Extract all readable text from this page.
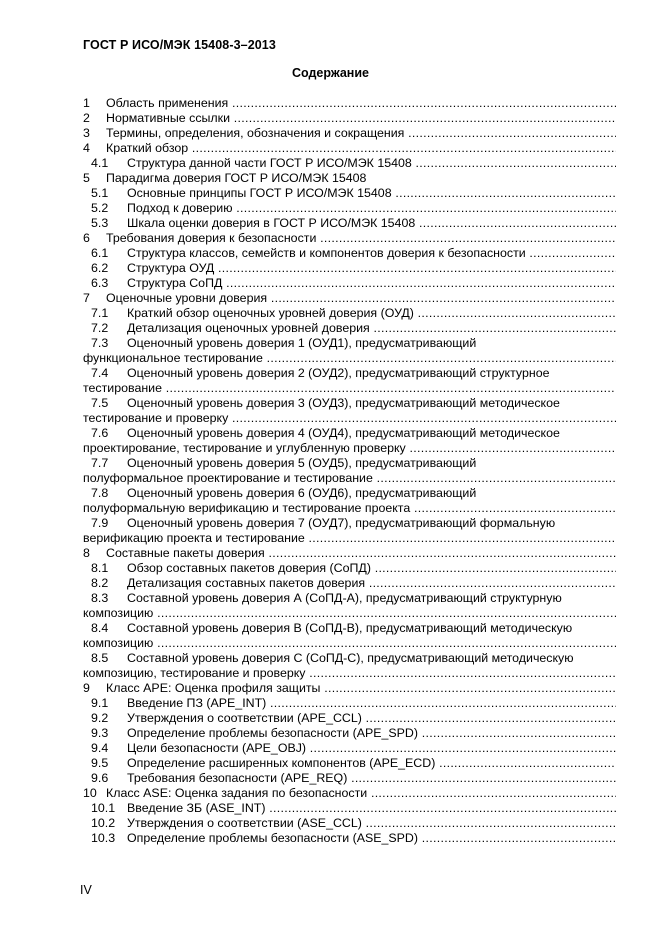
ГОСТ Р ИСО/МЭК 15408-3–2013
Содержание
1 Область применения .....
2 Нормативные ссылки .....
3 Термины, определения, обозначения и сокращения .....
4 Краткий обзор .....
4.1 Структура данной части ГОСТ Р ИСО/МЭК 15408 .....
5 Парадигма доверия ГОСТ Р ИСО/МЭК 15408
5.1 Основные принципы ГОСТ Р ИСО/МЭК 15408 .....
5.2 Подход к доверию .....
5.3 Шкала оценки доверия в ГОСТ Р ИСО/МЭК 15408 .....
6 Требования доверия к безопасности .....
6.1 Структура классов, семейств и компонентов доверия к безопасности .....
6.2 Структура ОУД .....
6.3 Структура СоПД .....
7 Оценочные уровни доверия .....
7.1 Краткий обзор оценочных уровней доверия (ОУД) .....
7.2 Детализация оценочных уровней доверия .....
7.3 Оценочный уровень доверия 1 (ОУД1), предусматривающий
функциональное тестирование .....
7.4 Оценочный уровень доверия 2 (ОУД2), предусматривающий структурное
тестирование .....
7.5 Оценочный уровень доверия 3 (ОУД3), предусматривающий методическое
тестирование и проверку .....
7.6 Оценочный уровень доверия 4 (ОУД4), предусматривающий методическое
проектирование, тестирование и углубленную проверку .....
7.7 Оценочный уровень доверия 5 (ОУД5), предусматривающий
полуформальное проектирование и тестирование .....
7.8 Оценочный уровень доверия 6 (ОУД6), предусматривающий
полуформальную верификацию и тестирование проекта .....
7.9 Оценочный уровень доверия 7 (ОУД7), предусматривающий формальную
верификацию проекта и тестирование .....
8 Составные пакеты доверия .....
8.1 Обзор составных пакетов доверия (СоПД) .....
8.2 Детализация составных пакетов доверия .....
8.3 Составной уровень доверия А (СоПД-А), предусматривающий структурную
композицию .....
8.4 Составной уровень доверия В (СоПД-В), предусматривающий методическую
композицию .....
8.5 Составной уровень доверия С (СоПД-С), предусматривающий методическую
композицию, тестирование и проверку .....
9 Класс APE: Оценка профиля защиты .....
9.1 Введение ПЗ (APE_INT) .....
9.2 Утверждения о соответствии (APE_CCL) .....
9.3 Определение проблемы безопасности (APE_SPD) .....
9.4 Цели безопасности (APE_OBJ) .....
9.5 Определение расширенных компонентов (APE_ECD) .....
9.6 Требования безопасности (APE_REQ) .....
10 Класс ASE: Оценка задания по безопасности .....
10.1 Введение ЗБ (ASE_INT) .....
10.2 Утверждения о соответствии (ASE_CCL) .....
10.3 Определение проблемы безопасности (ASE_SPD) .....
IV
